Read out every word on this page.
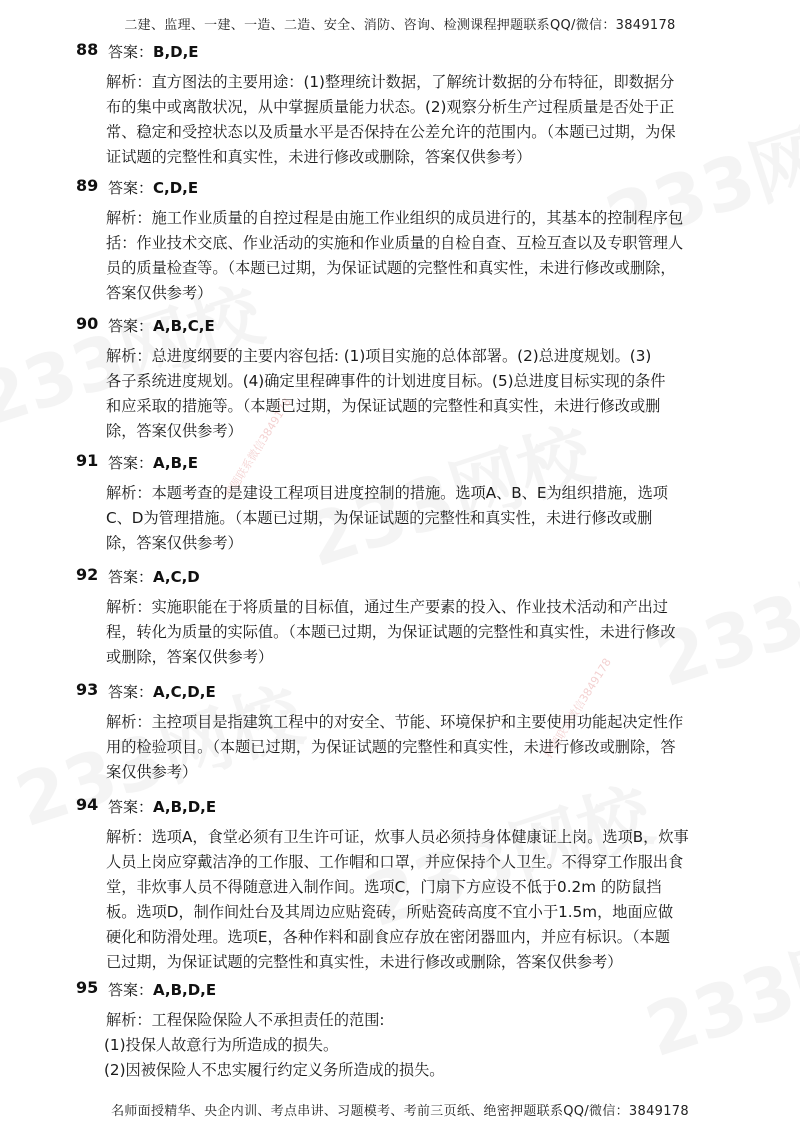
二建、监理、一建、一造、二造、安全、消防、咨询、检测课程押题联系QQ/微信：3849178
押题联系微信3849178
押题联系微信3849178
88 答案：B,D,E
解析：直方图法的主要用途：(1)整理统计数据，了解统计数据的分布特征，即数据分
布的集中或离散状况，从中掌握质量能力状态。(2)观察分析生产过程质量是否处于正
常、稳定和受控状态以及质量水平是否保持在公差允许的范围内。（本题已过期，为保
证试题的完整性和真实性，未进行修改或删除，答案仅供参考）
89 答案：C,D,E
解析：施工作业质量的自控过程是由施工作业组织的成员进行的，其基本的控制程序包
括：作业技术交底、作业活动的实施和作业质量的自检自查、互检互查以及专职管理人
员的质量检查等。（本题已过期，为保证试题的完整性和真实性，未进行修改或删除，
答案仅供参考）
90 答案：A,B,C,E
解析：总进度纲要的主要内容包括: (1)项目实施的总体部署。(2)总进度规划。(3)
各子系统进度规划。(4)确定里程碑事件的计划进度目标。(5)总进度目标实现的条件
和应采取的措施等。（本题已过期，为保证试题的完整性和真实性，未进行修改或删
除，答案仅供参考）
91 答案：A,B,E
解析：本题考查的是建设工程项目进度控制的措施。选项A、B、E为组织措施，选项
C、D为管理措施。（本题已过期，为保证试题的完整性和真实性，未进行修改或删
除，答案仅供参考）
92 答案：A,C,D
解析：实施职能在于将质量的目标值，通过生产要素的投入、作业技术活动和产出过
程，转化为质量的实际值。（本题已过期，为保证试题的完整性和真实性，未进行修改
或删除，答案仅供参考）
93 答案：A,C,D,E
解析：主控项目是指建筑工程中的对安全、节能、环境保护和主要使用功能起决定性作
用的检验项目。（本题已过期，为保证试题的完整性和真实性，未进行修改或删除，答
案仅供参考）
94 答案：A,B,D,E
解析：选项A，食堂必须有卫生许可证，炊事人员必须持身体健康证上岗。选项B，炊事
人员上岗应穿戴洁净的工作服、工作帽和口罩，并应保持个人卫生。不得穿工作服出食
堂，非炊事人员不得随意进入制作间。选项C，门扇下方应设不低于0.2m 的防鼠挡
板。选项D，制作间灶台及其周边应贴瓷砖，所贴瓷砖高度不宜小于1.5m，地面应做
硬化和防滑处理。选项E，各种作料和副食应存放在密闭器皿内，并应有标识。（本题
已过期，为保证试题的完整性和真实性，未进行修改或删除，答案仅供参考）
95 答案：A,B,D,E
解析：工程保险保险人不承担责任的范围:
(1)投保人故意行为所造成的损失。
(2)因被保险人不忠实履行约定义务所造成的损失。
名师面授精华、央企内训、考点串讲、习题模考、考前三页纸、绝密押题联系QQ/微信：3849178
